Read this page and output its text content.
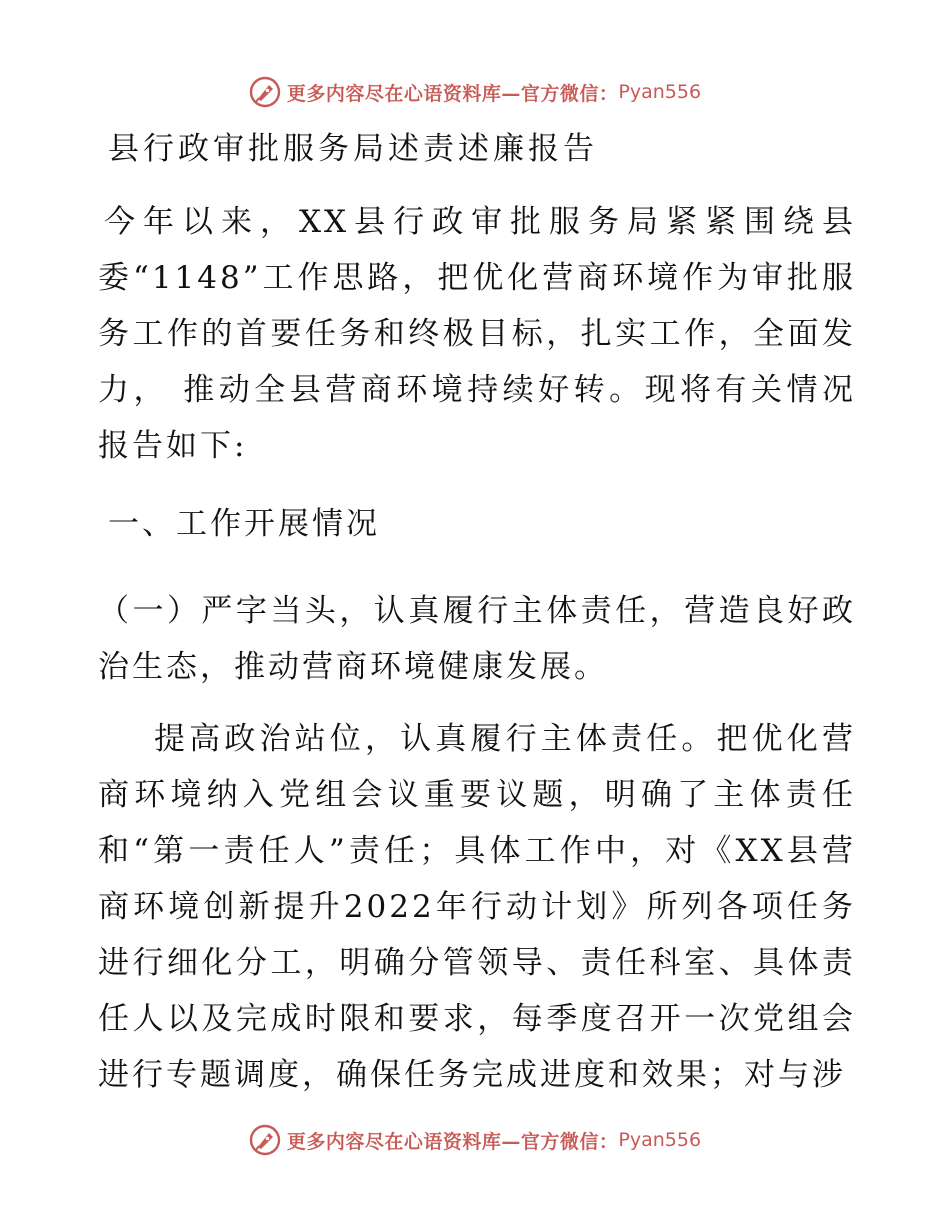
更多内容尽在心语资料库—官方微信： Pyan556
县行政审批服务局述责述廉报告

今年以来，XX县行政审批服务局紧紧围绕县委“1148”工作思路，把优化营商环境作为审批服务工作的首要任务和终极目标，扎实工作，全面发力， 推动全县营商环境持续好转。现将有关情况报告如下:

一、工作开展情况

（一）严字当头，认真履行主体责任，营造良好政治生态，推动营商环境健康发展。

提高政治站位，认真履行主体责任。把优化营商环境纳入党组会议重要议题，明确了主体责任和“第一责任人”责任；具体工作中，对《XX县营商环境创新提升2022年行动计划》所列各项任务进行细化分工，明确分管领导、责任科室、具体责任人以及完成时限和要求，每季度召开一次党组会进行专题调度，确保任务完成进度和效果；对与涉

更多内容尽在心语资料库—官方微信： Pyan556
